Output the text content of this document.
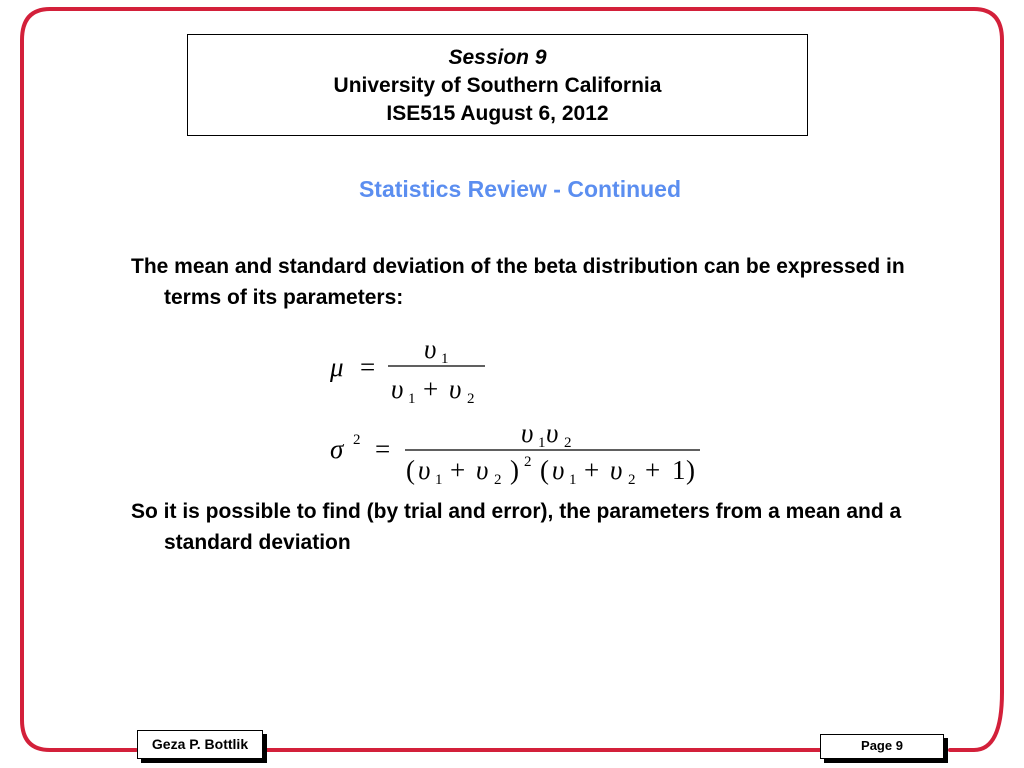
Session 9
University of Southern California
ISE515 August 6, 2012
Statistics Review - Continued
The mean and standard deviation of the beta distribution can be expressed in terms of its parameters:
μ =
υ 1
υ 1 + υ 2
σ 2 =
υ 1 υ 2
( υ 1 + υ 2 ) 2 ( υ 1 + υ 2 + 1 )
So it is possible to find (by trial and error), the parameters from a mean and a standard deviation
Geza P. Bottlik	Page 9
